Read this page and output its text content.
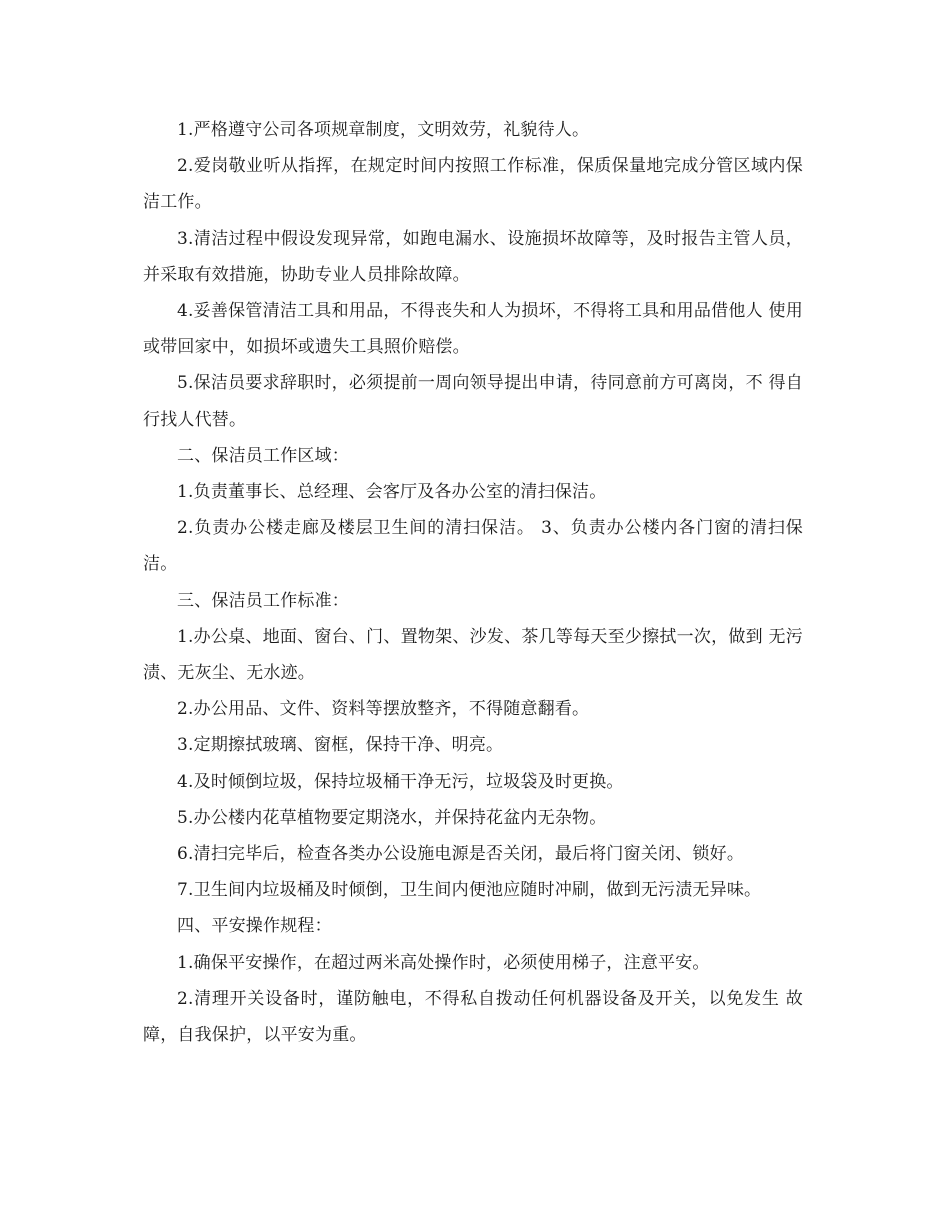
1.严格遵守公司各项规章制度，文明效劳，礼貌待人。

2.爱岗敬业听从指挥，在规定时间内按照工作标准，保质保量地完成分管区域内保洁工作。

3.清洁过程中假设发现异常，如跑电漏水、设施损坏故障等，及时报告主管人员， 并采取有效措施，协助专业人员排除故障。

4.妥善保管清洁工具和用品，不得丧失和人为损坏，不得将工具和用品借他人 使用或带回家中，如损坏或遗失工具照价赔偿。

5.保洁员要求辞职时，必须提前一周向领导提出申请，待同意前方可离岗，不 得自行找人代替。

二、保洁员工作区域：

1.负责董事长、总经理、会客厅及各办公室的清扫保洁。

2.负责办公楼走廊及楼层卫生间的清扫保洁。 3、负责办公楼内各门窗的清扫保洁。

三、保洁员工作标准：

1.办公桌、地面、窗台、门、置物架、沙发、茶几等每天至少擦拭一次，做到 无污渍、无灰尘、无水迹。

2.办公用品、文件、资料等摆放整齐，不得随意翻看。

3.定期擦拭玻璃、窗框，保持干净、明亮。

4.及时倾倒垃圾，保持垃圾桶干净无污，垃圾袋及时更换。

5.办公楼内花草植物要定期浇水，并保持花盆内无杂物。

6.清扫完毕后，检查各类办公设施电源是否关闭，最后将门窗关闭、锁好。

7.卫生间内垃圾桶及时倾倒，卫生间内便池应随时冲刷，做到无污渍无异味。

四、平安操作规程：

1.确保平安操作，在超过两米高处操作时，必须使用梯子，注意平安。

2.清理开关设备时，谨防触电，不得私自拨动任何机器设备及开关，以免发生 故障，自我保护，以平安为重。
